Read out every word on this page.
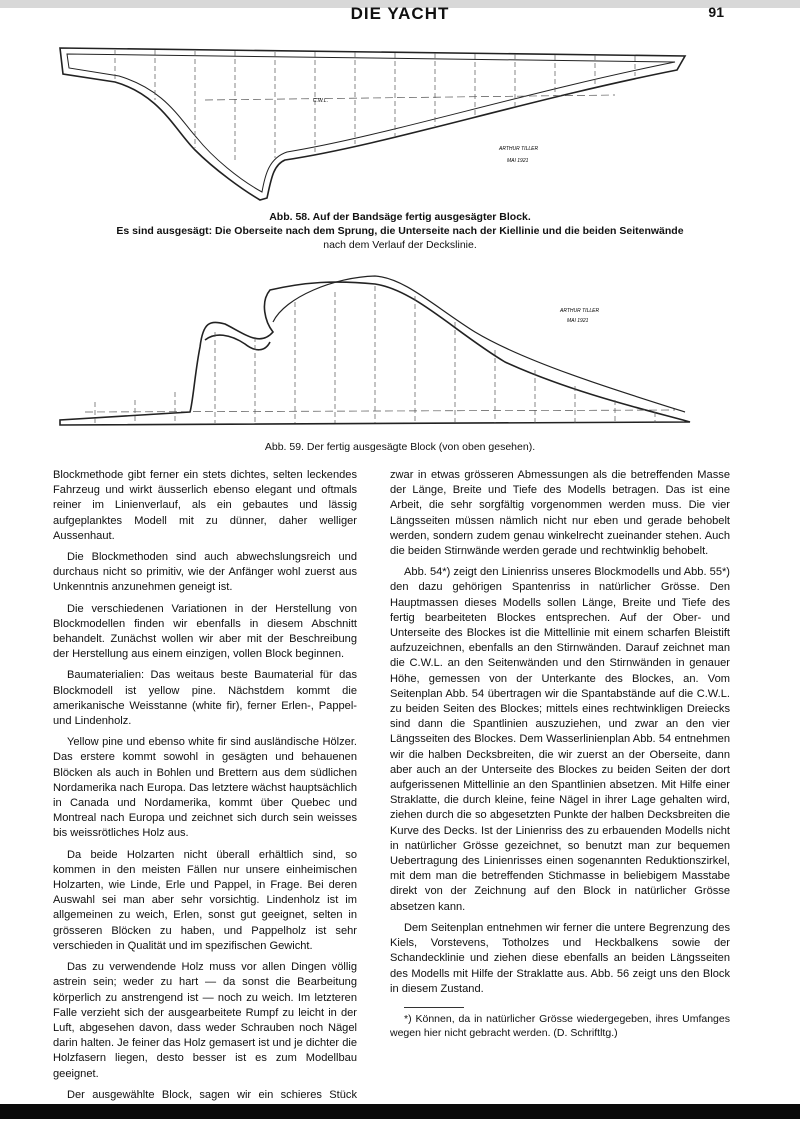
DIE YACHT	91
C.W.L.
ARTHUR TILLER
MAI 1921
Abb. 58. Auf der Bandsäge fertig ausgesägter Block.
Es sind ausgesägt: Die Oberseite nach dem Sprung, die Unterseite nach der Kiellinie und die beiden Seitenwände
nach dem Verlauf der Deckslinie.
ARTHUR TILLER
MAI 1921
Abb. 59. Der fertig ausgesägte Block (von oben gesehen).

Blockmethode gibt ferner ein stets dichtes, selten leckendes Fahrzeug und wirkt äusserlich ebenso elegant und oftmals reiner im Linienverlauf, als ein gebautes und lässig aufgeplanktes Modell mit zu dünner, daher welliger Aussenhaut.

Die Blockmethoden sind auch abwechslungsreich und durchaus nicht so primitiv, wie der Anfänger wohl zuerst aus Unkenntnis anzunehmen geneigt ist.

Die verschiedenen Variationen in der Herstellung von Blockmodellen finden wir ebenfalls in diesem Abschnitt behandelt. Zunächst wollen wir aber mit der Beschreibung der Herstellung aus einem einzigen, vollen Block beginnen.

Baumaterialien: Das weitaus beste Baumaterial für das Blockmodell ist yellow pine. Nächstdem kommt die amerikanische Weisstanne (white fir), ferner Erlen-, Pappel- und Lindenholz.

Yellow pine und ebenso white fir sind ausländische Hölzer. Das erstere kommt sowohl in gesägten und behauenen Blöcken als auch in Bohlen und Brettern aus dem südlichen Nordamerika nach Europa. Das letztere wächst hauptsächlich in Canada und Nordamerika, kommt über Quebec und Montreal nach Europa und zeichnet sich durch sein weisses bis weissrötliches Holz aus.

Da beide Holzarten nicht überall erhältlich sind, so kommen in den meisten Fällen nur unsere einheimischen Holzarten, wie Linde, Erle und Pappel, in Frage. Bei deren Auswahl sei man aber sehr vorsichtig. Lindenholz ist im allgemeinen zu weich, Erlen, sonst gut geeignet, selten in grösseren Blöcken zu haben, und Pappelholz ist sehr verschieden in Qualität und im spezifischen Gewicht.

Das zu verwendende Holz muss vor allen Dingen völlig astrein sein; weder zu hart — da sonst die Bearbeitung körperlich zu anstrengend ist — noch zu weich. Im letzteren Falle verzieht sich der ausgearbeitete Rumpf zu leicht in der Luft, abgesehen davon, dass weder Schrauben noch Nägel darin halten. Je feiner das Holz gemasert ist und je dichter die Holzfasern liegen, desto besser ist es zum Modellbau geeignet.

Der ausgewählte Block, sagen wir ein schieres Stück

zwar in etwas grösseren Abmessungen als die betreffenden Masse der Länge, Breite und Tiefe des Modells betragen. Das ist eine Arbeit, die sehr sorgfältig vorgenommen werden muss. Die vier Längsseiten müssen nämlich nicht nur eben und gerade behobelt werden, sondern zudem genau winkelrecht zueinander stehen. Auch die beiden Stirnwände werden gerade und rechtwinklig behobelt.

Abb. 54*) zeigt den Linienriss unseres Blockmodells und Abb. 55*) den dazu gehörigen Spantenriss in natürlicher Grösse. Den Hauptmassen dieses Modells sollen Länge, Breite und Tiefe des fertig bearbeiteten Blockes entsprechen. Auf der Ober- und Unterseite des Blockes ist die Mittellinie mit einem scharfen Bleistift aufzuzeichnen, ebenfalls an den Stirnwänden. Darauf zeichnet man die C.W.L. an den Seitenwänden und den Stirnwänden in genauer Höhe, gemessen von der Unterkante des Blockes, an. Vom Seitenplan Abb. 54 übertragen wir die Spantabstände auf die C.W.L. zu beiden Seiten des Blockes; mittels eines rechtwinkligen Dreiecks sind dann die Spantlinien auszuziehen, und zwar an den vier Längsseiten des Blockes. Dem Wasserlinienplan Abb. 54 entnehmen wir die halben Decksbreiten, die wir zuerst an der Oberseite, dann aber auch an der Unterseite des Blockes zu beiden Seiten der dort aufgerissenen Mittellinie an den Spantlinien absetzen. Mit Hilfe einer Straklatte, die durch kleine, feine Nägel in ihrer Lage gehalten wird, ziehen durch die so abgesetzten Punkte der halben Decksbreiten die Kurve des Decks. Ist der Linienriss des zu erbauenden Modells nicht in natürlicher Grösse gezeichnet, so benutzt man zur bequemen Uebertragung des Linienrisses einen sogenannten Reduktionszirkel, mit dem man die betreffenden Stichmasse in beliebigem Masstabe direkt von der Zeichnung auf den Block in natürlicher Grösse absetzen kann.

Dem Seitenplan entnehmen wir ferner die untere Begrenzung des Kiels, Vorstevens, Totholzes und Heckbalkens sowie der Schandecklinie und ziehen diese ebenfalls an beiden Längsseiten des Modells mit Hilfe der Straklatte aus. Abb. 56 zeigt uns den Block in diesem Zustand.

*) Können, da in natürlicher Grösse wiedergegeben, ihres Umfanges wegen hier nicht gebracht werden. (D. Schriftltg.)
